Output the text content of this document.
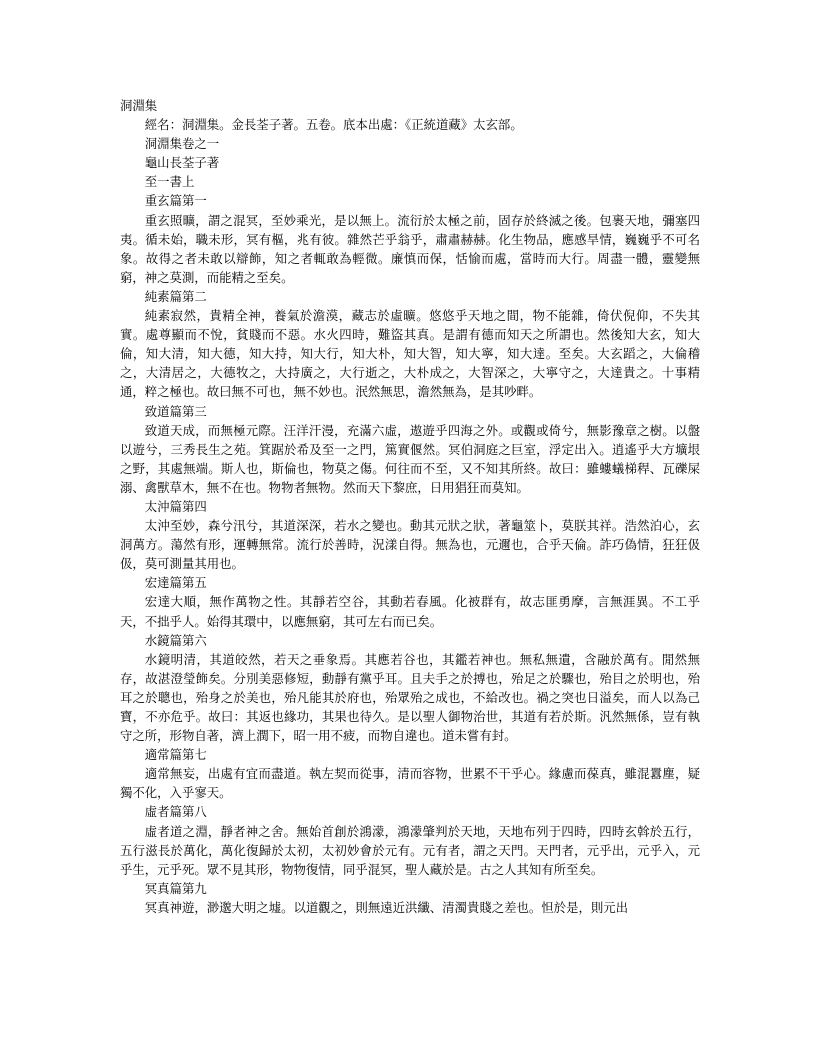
洞淵集

經名：洞淵集。金長荃子著。五卷。底本出處：《正統道藏》太玄部。

洞淵集卷之一

龜山長荃子著

至一書上

重玄篇第一

重玄照曠，謂之混冥，至妙乘光，是以無上。流衍於太極之前，固存於終滅之後。包裹天地，彌塞四夷。循未始，職未形，冥有樞，兆有彼。雜然芒乎翁乎，肅肅赫赫。化生物品，應感旱情，巍巍乎不可名象。故得之者未敢以辯飾，知之者輒敢為輕微。廉慎而保，恬愉而處，當時而大行。周盡一體，靈變無窮，神之莫測，而能精之至矣。

純素篇第二

純素寂然，貴精全神，養氣於澹漠，藏志於虛曠。悠悠乎天地之間，物不能雜，倚伏倪仰，不失其實。處尊顯而不悅，貧賤而不惡。水火四時，難盜其真。是謂有德而知天之所謂也。然後知大玄，知大倫，知大清，知大德，知大持，知大行，知大朴，知大智，知大寧，知大達。至矣。大玄蹈之，大倫稽之，大清居之，大德牧之，大持廣之，大行逝之，大朴成之，大智深之，大寧守之，大達貴之。十事精通，粹之極也。故曰無不可也，無不妙也。泯然無思，澹然無為，是其吵畔。

致道篇第三

致道天成，而無極元際。汪洋汗漫，充滿六虛，遨遊乎四海之外。或觀或倚兮，無影豫章之樹。以盤以遊兮，三秀長生之苑。箕踞於希及至一之門，篤實偃然。冥伯洞庭之巨室，浮定出入。逍遙乎大方壙垠之野，其處無端。斯人也，斯倫也，物莫之傷。何往而不至，又不知其所終。故曰：雖螻蟻梯稈、瓦礫屎溺、禽獸草木，無不在也。物物者無物。然而天下黎庶，日用猖狂而莫知。

太沖篇第四

太沖至妙，森兮汛兮，其道深深，若水之變也。動其元狀之狀，著龜筮卜，莫朕其祥。浩然泊心，玄洞萬方。蕩然有形，運轉無常。流行於善時，況漾自得。無為也，元邇也，合乎天倫。詐巧偽情，狂狂伋伋，莫可測量其用也。

宏達篇第五

宏達大順，無作萬物之性。其靜若空谷，其動若春風。化被群有，故志匪勇摩，言無涯異。不工乎天，不拙乎人。始得其環中，以應無窮，其可左右而已矣。

水鏡篇第六

水鏡明清，其道皎然，若天之垂象焉。其應若谷也，其鑑若神也。無私無遺，含融於萬有。閒然無存，故湛澄瑩飾矣。分別美惡修短，動靜有黨乎耳。且夫手之於搏也，殆足之於驟也，殆目之於明也，殆耳之於聰也，殆身之於美也，殆凡能其於府也，殆眾殆之成也，不給改也。禍之突也日溢矣，而人以為己寶，不亦危乎。故曰：其返也緣功，其果也待久。是以聖人御物治世，其道有若於斯。汎然無係，豈有執守之所，形物自著，濟上潤下，昭一用不疲，而物自違也。道未嘗有封。

適常篇第七

適常無妄，出處有宜而盡道。執左契而從事，清而容物，世累不干乎心。緣慮而葆真，雖混囂塵，疑獨不化，入乎寥天。

虛者篇第八

虛者道之淵，靜者神之舍。無始首創於鴻濛，鴻濛肇判於天地，天地布列于四時，四時玄斡於五行，五行滋長於萬化，萬化復歸於太初，太初妙會於元有。元有者，謂之天門。天門者，元乎出，元乎入，元乎生，元乎死。眾不見其形，物物復情，同乎混冥，聖人藏於是。古之人其知有所至矣。

冥真篇第九

冥真神遊，渺邈大明之墟。以道觀之，則無遠近洪纖、清濁貴賤之差也。怛於是，則元出
